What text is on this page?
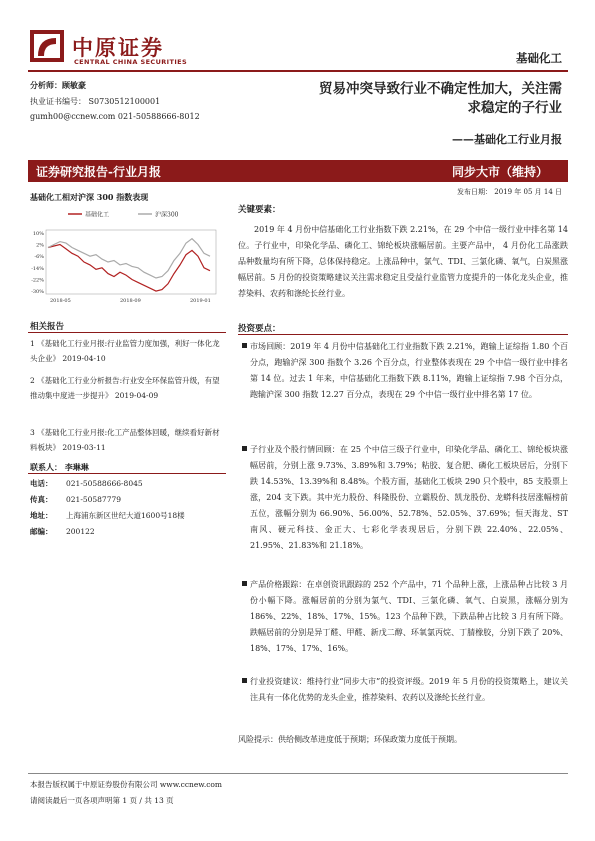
中原证券
CENTRAL CHINA SECURITIES	基础化工
分析师：顾敏豪
执业证书编号： S0730512100001
gumh00@ccnew.com 021-50588666-8012
贸易冲突导致行业不确定性加大，关注需
求稳定的子行业
——基础化工行业月报
证券研究报告-行业月报	同步大市（维持）
发布日期： 2019 年 05 月 14 日
基础化工相对沪深 300 指数表现
基础化工	沪深300
10%
2%
-6%
-14%
-22%
-30%
2018-05	2018-09	2019-01
相关报告
1 《基础化工行业月报:行业监管力度加强，利好一体化龙头企业》 2019-04-10
2 《基础化工行业分析报告:行业安全环保监管升级，有望推动集中度进一步提升》 2019-04-09
3 《基础化工行业月报:化工产品整体回暖，继续看好新材料板块》 2019-03-11
联系人： 李琳琳
电话： 021-50588666-8045
传真： 021-50587779
地址： 上海浦东新区世纪大道1600号18楼
邮编： 200122
关键要素：
2019 年 4 月份中信基础化工行业指数下跌 2.21%，在 29 个中信一级行业中排名第 14 位。子行业中，印染化学品、磷化工、锦纶板块涨幅居前。主要产品中， 4 月份化工品涨跌品种数量均有所下降，总体保持稳定。上涨品种中，氯气、TDI、三氯化磷、氧气，白炭黑涨幅居前。5 月份的投资策略建议关注需求稳定且受益行业监管力度提升的一体化龙头企业，推荐染料、农药和涤纶长丝行业。
投资要点：
市场回顾：2019 年 4 月份中信基础化工行业指数下跌 2.21%，跑输上证综指 1.80 个百分点，跑输沪深 300 指数个 3.26 个百分点，行业整体表现在 29 个中信一级行业中排名第 14 位。过去 1 年来，中信基础化工指数下跌 8.11%，跑输上证综指 7.98 个百分点，跑输沪深 300 指数 12.27 百分点，表现在 29 个中信一级行业中排名第 17 位。
子行业及个股行情回顾：在 25 个中信三级子行业中，印染化学品、磷化工、锦纶板块涨幅居前，分别上涨 9.73%、3.89%和 3.79%；粘胶、复合肥、磷化工板块居后，分别下跌 14.53%、13.39%和 8.48%。个股方面，基础化工板块 290 只个股中，85 支股票上涨，204 支下跌。其中光力股份、科隆股份、立霸股份、凯龙股份、龙蟒科技居涨幅榜前五位，涨幅分别为 66.90%、56.00%、52.78%、52.05%、37.69%；恒天海龙、ST 南风、硬元科技、金正大、七彩化学表现居后，分别下跌 22.40%、22.05%、21.95%、21.83%和 21.18%。
产品价格跟踪：在卓创资讯跟踪的 252 个产品中，71 个品种上涨，上涨品种占比较 3 月份小幅下降。涨幅居前的分别为氯气、TDI、三氯化磷、氧气、白炭黑，涨幅分别为 186%、22%、18%、17%、15%。123 个品种下跌，下跌品种占比较 3 月有所下降。跌幅居前的分别是异丁醛、甲醛、新戊二醇、环氧氯丙烷、丁腈橡胶，分别下跌了 20%、18%、17%、17%、16%。
行业投资建议：维持行业“同步大市”的投资评级。2019 年 5 月份的投资策略上，建议关注具有一体化优势的龙头企业，推荐染料、农药以及涤纶长丝行业。
风险提示：供给侧改革进度低于预期；环保政策力度低于预期。
本报告版权属于中原证券股份有限公司 www.ccnew.com
请阅读最后一页各项声明第 1 页 / 共 13 页
